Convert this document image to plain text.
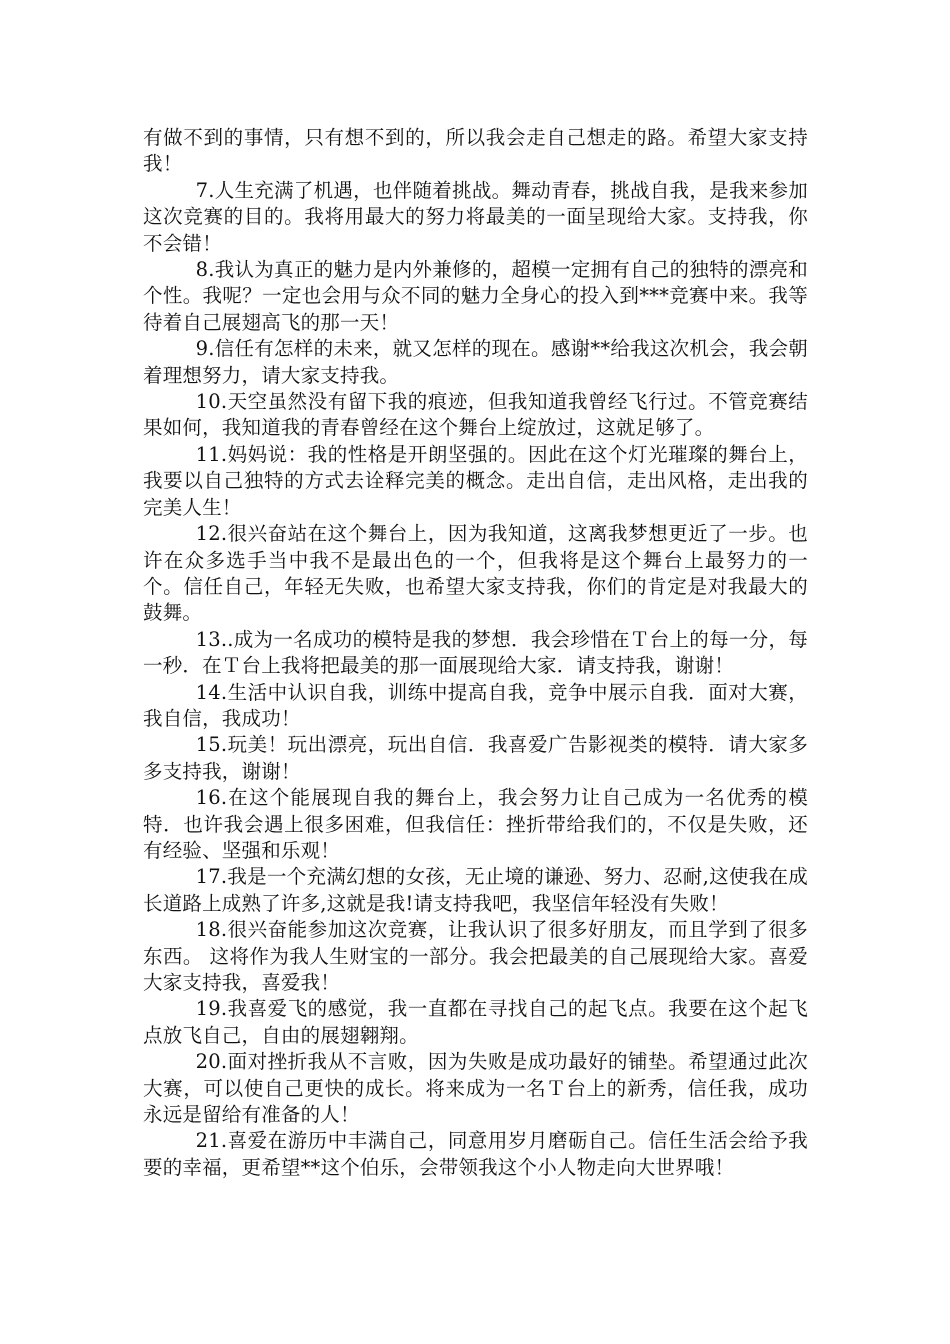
有做不到的事情，只有想不到的，所以我会走自己想走的路。希望大家支持我！

7.人生充满了机遇，也伴随着挑战。舞动青春，挑战自我，是我来参加这次竞赛的目的。我将用最大的努力将最美的一面呈现给大家。支持我，你不会错！

8.我认为真正的魅力是内外兼修的，超模一定拥有自己的独特的漂亮和个性。我呢？一定也会用与众不同的魅力全身心的投入到***竞赛中来。我等待着自己展翅高飞的那一天！

9.信任有怎样的未来，就又怎样的现在。感谢**给我这次机会，我会朝着理想努力，请大家支持我。

10.天空虽然没有留下我的痕迹，但我知道我曾经飞行过。不管竞赛结果如何，我知道我的青春曾经在这个舞台上绽放过，这就足够了。

11.妈妈说：我的性格是开朗坚强的。因此在这个灯光璀璨的舞台上，我要以自己独特的方式去诠释完美的概念。走出自信，走出风格，走出我的完美人生！

12.很兴奋站在这个舞台上，因为我知道，这离我梦想更近了一步。也许在众多选手当中我不是最出色的一个，但我将是这个舞台上最努力的一个。信任自己，年轻无失败，也希望大家支持我，你们的肯定是对我最大的鼓舞。

13..成为一名成功的模特是我的梦想．我会珍惜在Ｔ台上的每一分，每一秒．在Ｔ台上我将把最美的那一面展现给大家．请支持我，谢谢！

14.生活中认识自我，训练中提高自我，竞争中展示自我．面对大赛，我自信，我成功！

15.玩美！玩出漂亮，玩出自信．我喜爱广告影视类的模特．请大家多多支持我，谢谢！

16.在这个能展现自我的舞台上，我会努力让自己成为一名优秀的模特．也许我会遇上很多困难，但我信任：挫折带给我们的，不仅是失败，还有经验、坚强和乐观！

17.我是一个充满幻想的女孩，无止境的谦逊、努力、忍耐,这使我在成长道路上成熟了许多,这就是我!请支持我吧，我坚信年轻没有失败！

18.很兴奋能参加这次竞赛，让我认识了很多好朋友，而且学到了很多东西。 这将作为我人生财宝的一部分。我会把最美的自己展现给大家。喜爱大家支持我，喜爱我！

19.我喜爱飞的感觉，我一直都在寻找自己的起飞点。我要在这个起飞点放飞自己，自由的展翅翱翔。

20.面对挫折我从不言败，因为失败是成功最好的铺垫。希望通过此次大赛，可以使自己更快的成长。将来成为一名Ｔ台上的新秀，信任我，成功永远是留给有准备的人！

21.喜爱在游历中丰满自己，同意用岁月磨砺自己。信任生活会给予我要的幸福，更希望**这个伯乐，会带领我这个小人物走向大世界哦！
